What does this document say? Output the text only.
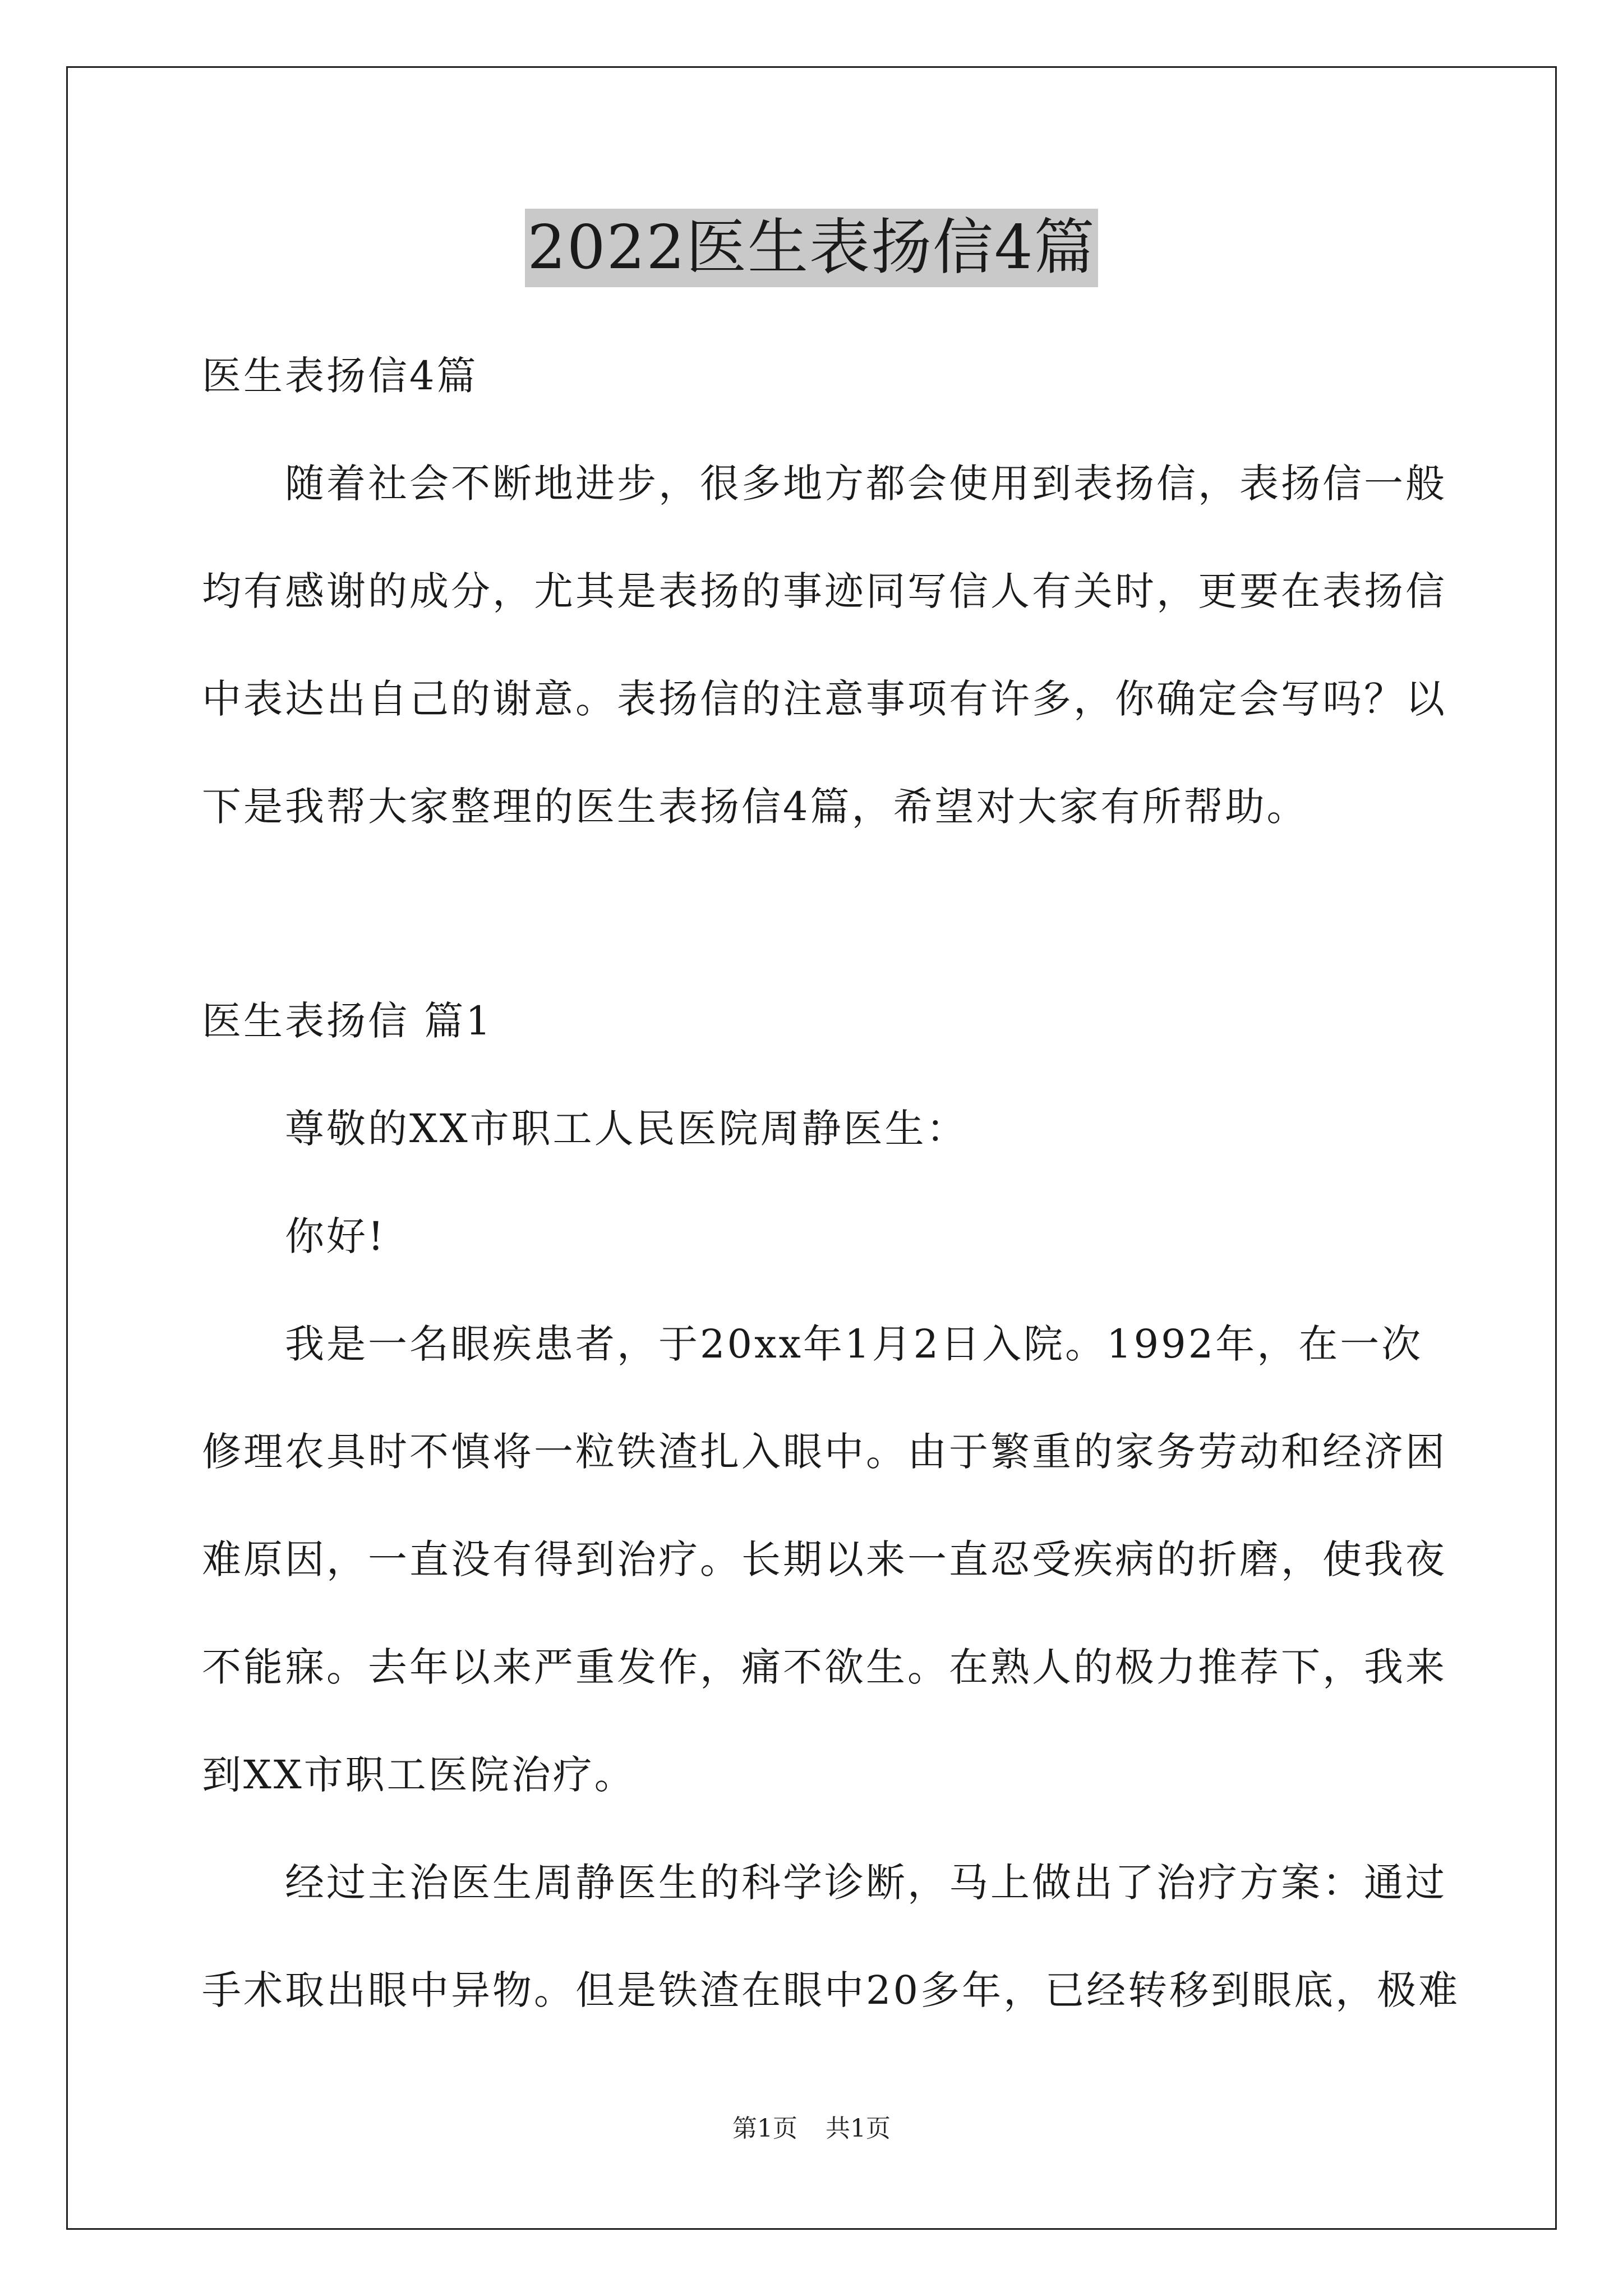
2022医生表扬信4篇
医生表扬信4篇
　　随着社会不断地进步，很多地方都会使用到表扬信，表扬信一般
均有感谢的成分，尤其是表扬的事迹同写信人有关时，更要在表扬信
中表达出自己的谢意。表扬信的注意事项有许多，你确定会写吗？以
下是我帮大家整理的医生表扬信4篇，希望对大家有所帮助。
医生表扬信 篇1
　　尊敬的XX市职工人民医院周静医生：
　　你好!
　　我是一名眼疾患者，于20xx年1月2日入院。1992年，在一次
修理农具时不慎将一粒铁渣扎入眼中。由于繁重的家务劳动和经济困
难原因，一直没有得到治疗。长期以来一直忍受疾病的折磨，使我夜
不能寐。去年以来严重发作，痛不欲生。在熟人的极力推荐下，我来
到XX市职工医院治疗。
　　经过主治医生周静医生的科学诊断，马上做出了治疗方案：通过
手术取出眼中异物。但是铁渣在眼中20多年，已经转移到眼底，极难
第1页 共1页
